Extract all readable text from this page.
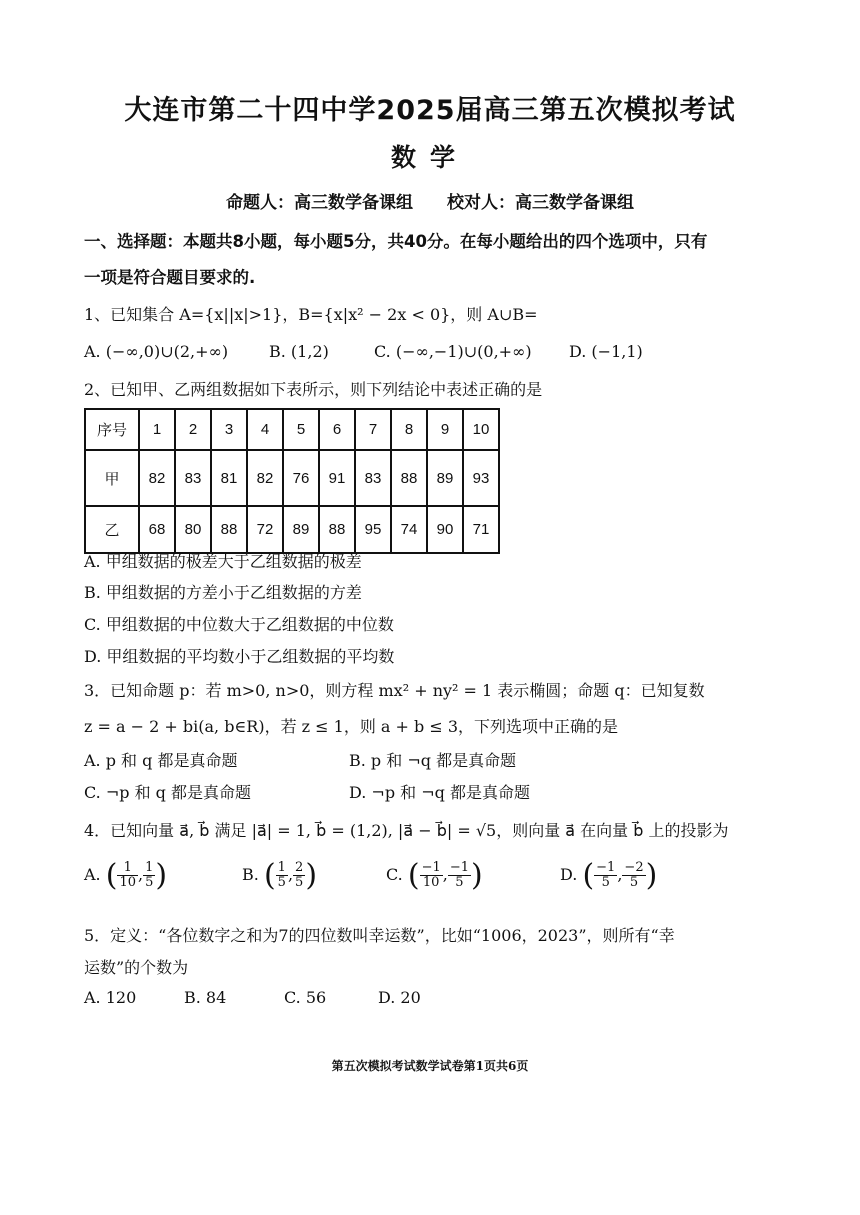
大连市第二十四中学2025届高三第五次模拟考试
数学
命题人：高三数学备课组 校对人：高三数学备课组
一、选择题：本题共8小题，每小题5分，共40分。在每小题给出的四个选项中，只有
一项是符合题目要求的.
1、已知集合 A={x||x|>1}，B={x|x² − 2x < 0}，则 A∪B=
A. (−∞,0)∪(2,+∞)	B. (1,2)	C. (−∞,−1)∪(0,+∞) D. (−1,1)
2、已知甲、乙两组数据如下表所示，则下列结论中表述正确的是
序号	1	2	3	4	5	6	7	8	9	10
甲	82	83	81	82	76	91	83	88	89	93
乙	68	80	88	72	89	88	95	74	90	71
A. 甲组数据的极差大于乙组数据的极差
B. 甲组数据的方差小于乙组数据的方差
C. 甲组数据的中位数大于乙组数据的中位数
D. 甲组数据的平均数小于乙组数据的平均数
3．已知命题 p：若 m>0, n>0，则方程 mx² + ny² = 1 表示椭圆；命题 q：已知复数
z = a − 2 + bi(a, b∈R)，若 z ≤ 1，则 a + b ≤ 3，下列选项中正确的是
A. p 和 q 都是真命题	B. p 和 ¬q 都是真命题
C. ¬p 和 q 都是真命题	D. ¬p 和 ¬q 都是真命题
4．已知向量 a⃗, b⃗ 满足 |a⃗| = 1, b⃗ = (1,2), |a⃗ − b⃗| = √5，则向量 a⃗ 在向量 b⃗ 上的投影为
A. ( $\frac{1}{10}$ , $\frac{1}{5}$ )	B. ( $\frac{1}{5}$ , $\frac{2}{5}$ )	C. ( $\frac{-1}{10}$ , $\frac{-1}{5}$ )	D. ( $\frac{-1}{5}$ , $\frac{-2}{5}$ )
5．定义：“各位数字之和为7的四位数叫幸运数”，比如“1006，2023”，则所有“幸
运数”的个数为
A. 120	B. 84	C. 56	D. 20
第五次模拟考试数学试卷第1页共6页
